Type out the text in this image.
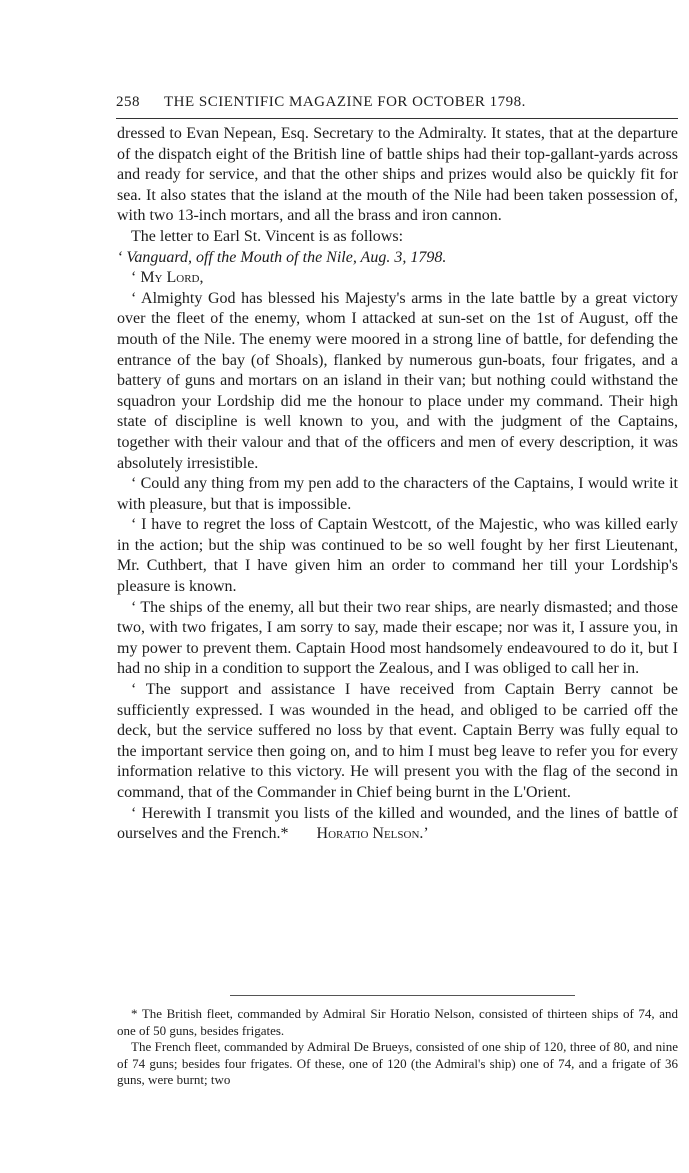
258 THE SCIENTIFIC MAGAZINE FOR OCTOBER 1798.

dressed to Evan Nepean, Esq. Secretary to the Admiralty. It states, that at the departure of the dispatch eight of the British line of battle ships had their top-gallant-yards across and ready for service, and that the other ships and prizes would also be quickly fit for sea. It also states that the island at the mouth of the Nile had been taken possession of, with two 13-inch mortars, and all the brass and iron cannon.

The letter to Earl St. Vincent is as follows:

‘ Vanguard, off the Mouth of the Nile, Aug. 3, 1798.

‘ My Lord,

‘ Almighty God has blessed his Majesty's arms in the late battle by a great victory over the fleet of the enemy, whom I attacked at sun-set on the 1st of August, off the mouth of the Nile. The enemy were moored in a strong line of battle, for defending the entrance of the bay (of Shoals), flanked by numerous gun-boats, four frigates, and a battery of guns and mortars on an island in their van; but nothing could withstand the squadron your Lordship did me the honour to place under my command. Their high state of discipline is well known to you, and with the judgment of the Captains, together with their valour and that of the officers and men of every description, it was absolutely irresistible.

‘ Could any thing from my pen add to the characters of the Captains, I would write it with pleasure, but that is impossible.

‘ I have to regret the loss of Captain Westcott, of the Majestic, who was killed early in the action; but the ship was continued to be so well fought by her first Lieutenant, Mr. Cuthbert, that I have given him an order to command her till your Lordship's pleasure is known.

‘ The ships of the enemy, all but their two rear ships, are nearly dismasted; and those two, with two frigates, I am sorry to say, made their escape; nor was it, I assure you, in my power to prevent them. Captain Hood most handsomely endeavoured to do it, but I had no ship in a condition to support the Zealous, and I was obliged to call her in.

‘ The support and assistance I have received from Captain Berry cannot be sufficiently expressed. I was wounded in the head, and obliged to be carried off the deck, but the service suffered no loss by that event. Captain Berry was fully equal to the important service then going on, and to him I must beg leave to refer you for every information relative to this victory. He will present you with the flag of the second in command, that of the Commander in Chief being burnt in the L'Orient.

‘ Herewith I transmit you lists of the killed and wounded, and the lines of battle of ourselves and the French.* Horatio Nelson.’

* The British fleet, commanded by Admiral Sir Horatio Nelson, consisted of thirteen ships of 74, and one of 50 guns, besides frigates.

The French fleet, commanded by Admiral De Brueys, consisted of one ship of 120, three of 80, and nine of 74 guns; besides four frigates. Of these, one of 120 (the Admiral's ship) one of 74, and a frigate of 36 guns, were burnt; two
